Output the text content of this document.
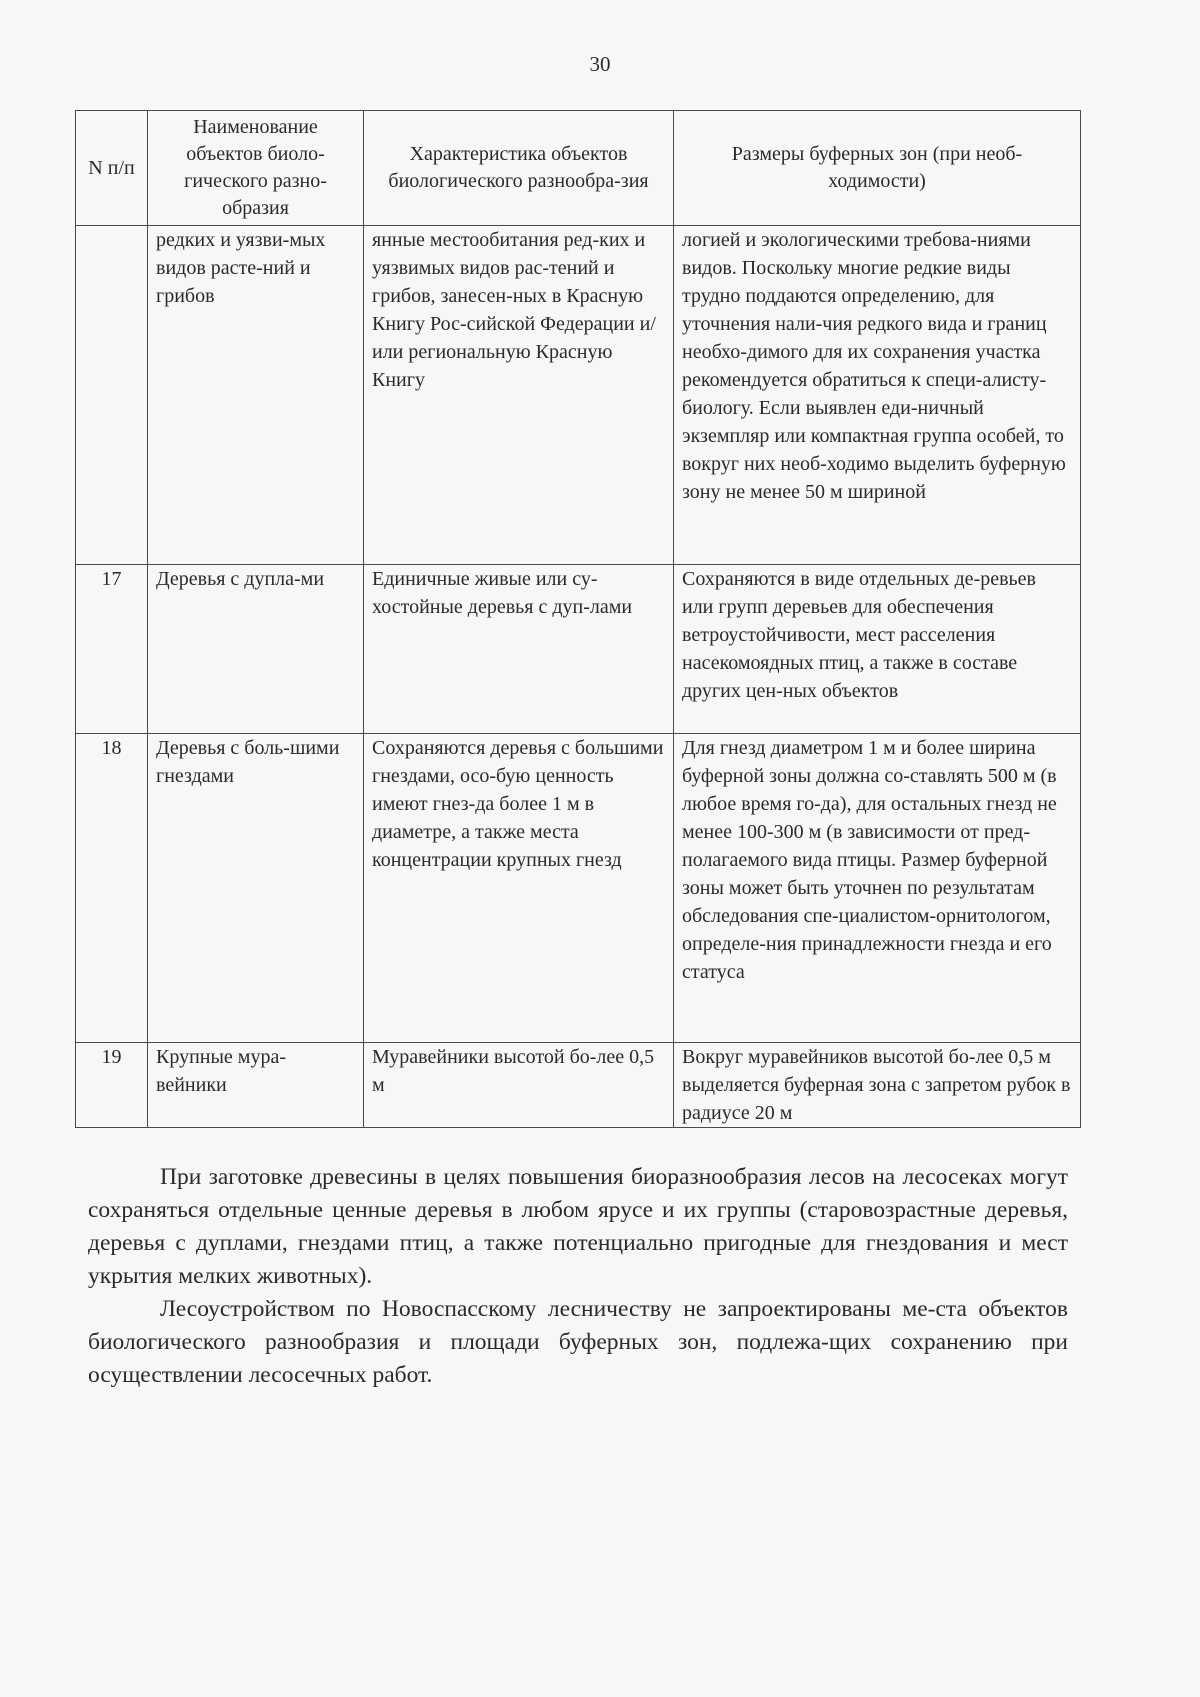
30
N п/п	Наименование объектов биоло-гического разно-образия	Характеристика объектов биологического разнообра-зия	Размеры буферных зон (при необ-ходимости)
	редких и уязви-мых видов расте-ний и грибов	янные местообитания ред-ких и уязвимых видов рас-тений и грибов, занесен-ных в Красную Книгу Рос-сийской Федерации и/или региональную Красную Книгу	логией и экологическими требова-ниями видов. Поскольку многие редкие виды трудно поддаются определению, для уточнения нали-чия редкого вида и границ необхо-димого для их сохранения участка рекомендуется обратиться к специ-алисту-биологу. Если выявлен еди-ничный экземпляр или компактная группа особей, то вокруг них необ-ходимо выделить буферную зону не менее 50 м шириной
17	Деревья с дупла-ми	Единичные живые или су-хостойные деревья с дуп-лами	Сохраняются в виде отдельных де-ревьев или групп деревьев для обеспечения ветроустойчивости, мест расселения насекомоядных птиц, а также в составе других цен-ных объектов
18	Деревья с боль-шими гнездами	Сохраняются деревья с большими гнездами, осо-бую ценность имеют гнез-да более 1 м в диаметре, а также места концентрации крупных гнезд	Для гнезд диаметром 1 м и более ширина буферной зоны должна со-ставлять 500 м (в любое время го-да), для остальных гнезд не менее 100-300 м (в зависимости от пред-полагаемого вида птицы. Размер буферной зоны может быть уточнен по результатам обследования спе-циалистом-орнитологом, определе-ния принадлежности гнезда и его статуса
19	Крупные мура-вейники	Муравейники высотой бо-лее 0,5 м	Вокруг муравейников высотой бо-лее 0,5 м выделяется буферная зона с запретом рубок в радиусе 20 м

При заготовке древесины в целях повышения биоразнообразия лесов на лесосеках могут сохраняться отдельные ценные деревья в любом ярусе и их группы (старовозрастные деревья, деревья с дуплами, гнездами птиц, а также потенциально пригодные для гнездования и мест укрытия мелких животных).

Лесоустройством по Новоспасскому лесничеству не запроектированы ме-ста объектов биологического разнообразия и площади буферных зон, подлежа-щих сохранению при осуществлении лесосечных работ.
